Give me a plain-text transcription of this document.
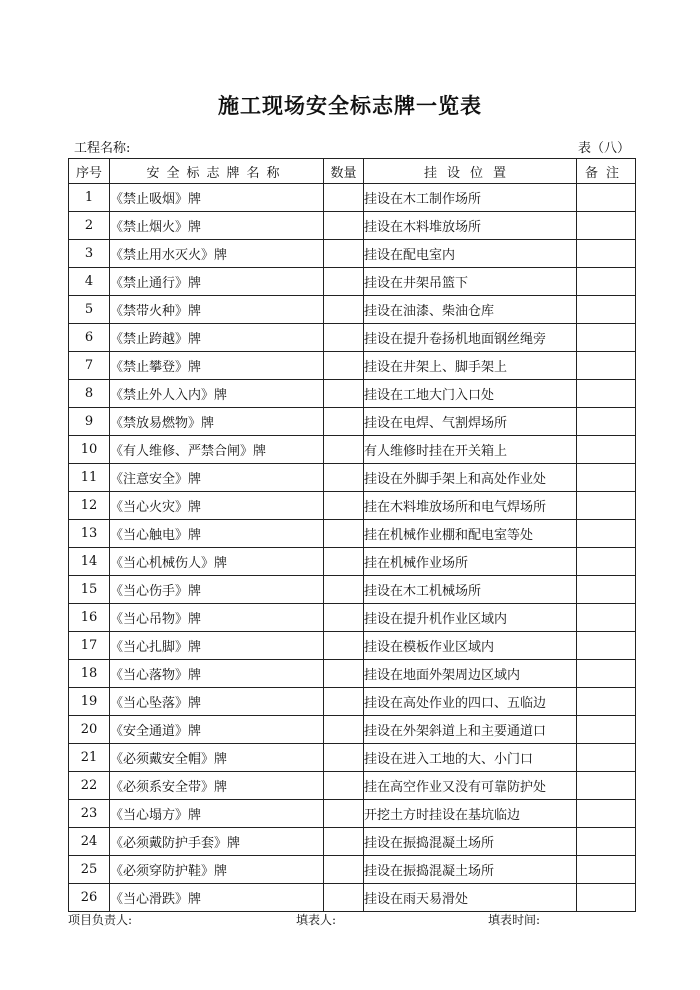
施工现场安全标志牌一览表
工程名称:	表（八）
序号	安全标志牌名称	数量	挂设位置	备注
1	《禁止吸烟》牌		挂设在木工制作场所	
2	《禁止烟火》牌		挂设在木料堆放场所	
3	《禁止用水灭火》牌		挂设在配电室内	
4	《禁止通行》牌		挂设在井架吊篮下	
5	《禁带火种》牌		挂设在油漆、柴油仓库	
6	《禁止跨越》牌		挂设在提升卷扬机地面钢丝绳旁	
7	《禁止攀登》牌		挂设在井架上、脚手架上	
8	《禁止外人入内》牌		挂设在工地大门入口处	
9	《禁放易燃物》牌		挂设在电焊、气割焊场所	
10	《有人维修、严禁合闸》牌		有人维修时挂在开关箱上	
11	《注意安全》牌		挂设在外脚手架上和高处作业处	
12	《当心火灾》牌		挂在木料堆放场所和电气焊场所	
13	《当心触电》牌		挂在机械作业棚和配电室等处	
14	《当心机械伤人》牌		挂在机械作业场所	
15	《当心伤手》牌		挂设在木工机械场所	
16	《当心吊物》牌		挂设在提升机作业区域内	
17	《当心扎脚》牌		挂设在模板作业区域内	
18	《当心落物》牌		挂设在地面外架周边区域内	
19	《当心坠落》牌		挂设在高处作业的四口、五临边	
20	《安全通道》牌		挂设在外架斜道上和主要通道口	
21	《必须戴安全帽》牌		挂设在进入工地的大、小门口	
22	《必须系安全带》牌		挂在高空作业又没有可靠防护处	
23	《当心塌方》牌		开挖土方时挂设在基坑临边	
24	《必须戴防护手套》牌		挂设在振捣混凝土场所	
25	《必须穿防护鞋》牌		挂设在振捣混凝土场所	
26	《当心滑跌》牌		挂设在雨天易滑处	
项目负责人:	填表人:	填表时间:
